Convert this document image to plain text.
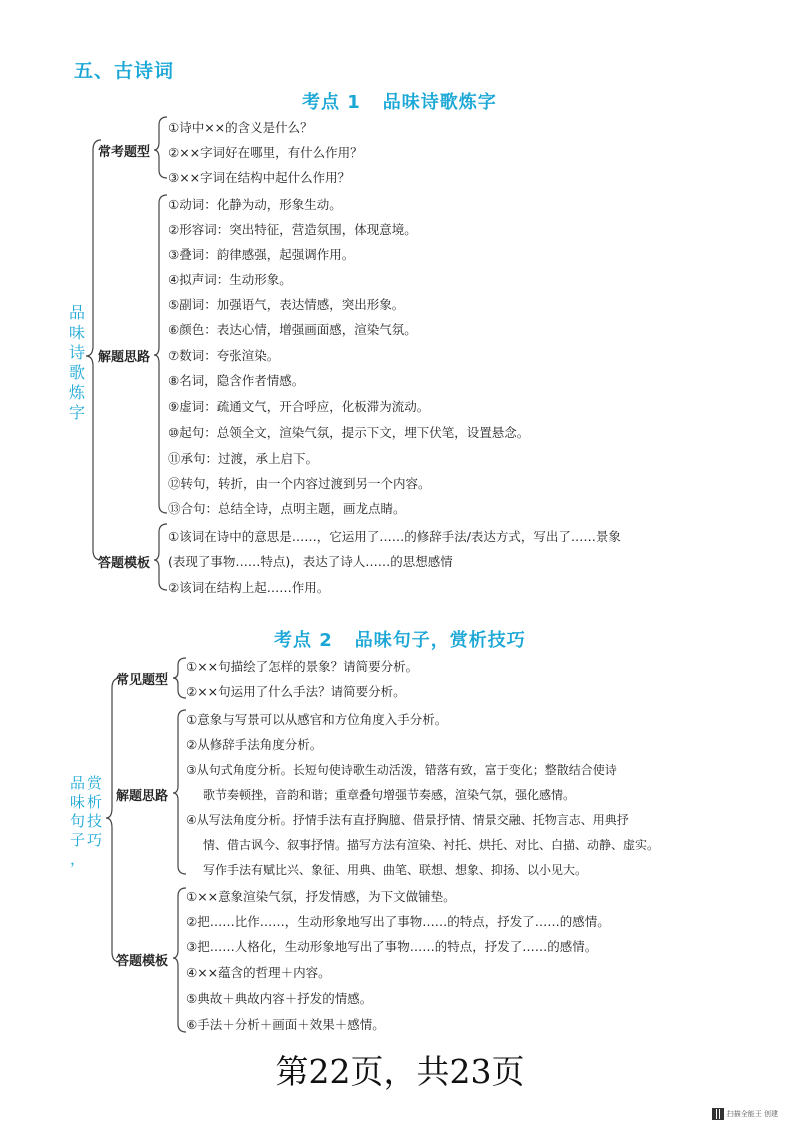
五、古诗词
考点 1 品味诗歌炼字
品
味
诗
歌
炼
字
常考题型
①诗中××的含义是什么？
②××字词好在哪里，有什么作用？
③××字词在结构中起什么作用？
解题思路
①动词：化静为动，形象生动。
②形容词：突出特征，营造氛围，体现意境。
③叠词：韵律感强，起强调作用。
④拟声词：生动形象。
⑤副词：加强语气，表达情感，突出形象。
⑥颜色：表达心情，增强画面感，渲染气氛。
⑦数词：夸张渲染。
⑧名词，隐含作者情感。
⑨虚词：疏通文气，开合呼应，化板滞为流动。
⑩起句：总领全文，渲染气氛，提示下文，埋下伏笔，设置悬念。
⑪承句：过渡，承上启下。
⑫转句，转折，由一个内容过渡到另一个内容。
⑬合句：总结全诗，点明主题，画龙点睛。
答题模板
①该词在诗中的意思是……，它运用了……的修辞手法/表达方式，写出了……景象
(表现了事物……特点)，表达了诗人……的思想感情
②该词在结构上起……作用。
考点 2 品味句子，赏析技巧
品 赏
味 析
句 技
子 巧
，
常见题型
①××句描绘了怎样的景象？请简要分析。
②××句运用了什么手法？请简要分析。
解题思路
①意象与写景可以从感官和方位角度入手分析。
②从修辞手法角度分析。
③从句式角度分析。长短句使诗歌生动活泼，错落有致，富于变化；整散结合使诗
歌节奏顿挫，音韵和谐；重章叠句增强节奏感，渲染气氛，强化感情。
④从写法角度分析。抒情手法有直抒胸臆、借景抒情、情景交融、托物言志、用典抒
情、借古讽今、叙事抒情。描写方法有渲染、衬托、烘托、对比、白描、动静、虚实。
写作手法有赋比兴、象征、用典、曲笔、联想、想象、抑扬、以小见大。
答题模板
①××意象渲染气氛，抒发情感，为下文做铺垫。
②把……比作……，生动形象地写出了事物……的特点，抒发了……的感情。
③把……人格化，生动形象地写出了事物……的特点，抒发了……的感情。
④××蕴含的哲理＋内容。
⑤典故＋典故内容＋抒发的情感。
⑥手法＋分析＋画面＋效果＋感情。
第22页，共23页
扫描全能王 创建
